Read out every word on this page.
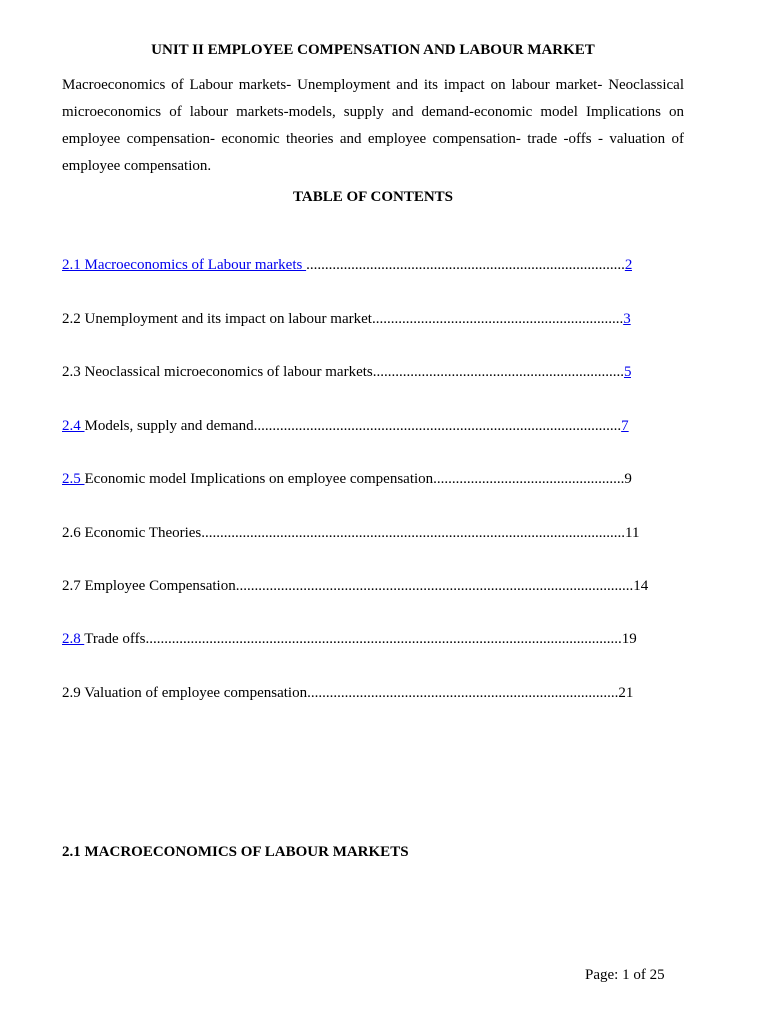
UNIT II EMPLOYEE COMPENSATION AND LABOUR MARKET

Macroeconomics of Labour markets- Unemployment and its impact on labour market- Neoclassical microeconomics of labour markets-models, supply and demand-economic model Implications on employee compensation- economic theories and employee compensation- trade -offs - valuation of employee compensation.

TABLE OF CONTENTS
2.1 Macroeconomics of Labour markets .....................................................................................2
2.2 Unemployment and its impact on labour market...................................................................3
2.3 Neoclassical microeconomics of labour markets...................................................................5
2.4 Models, supply and demand..................................................................................................7
2.5 Economic model Implications on employee compensation...................................................9
2.6 Economic Theories.................................................................................................................11
2.7 Employee Compensation..........................................................................................................14
2.8 Trade offs...............................................................................................................................19
2.9 Valuation of employee compensation...................................................................................21
2.1 MACROECONOMICS OF LABOUR MARKETS
Page: 1 of 25
